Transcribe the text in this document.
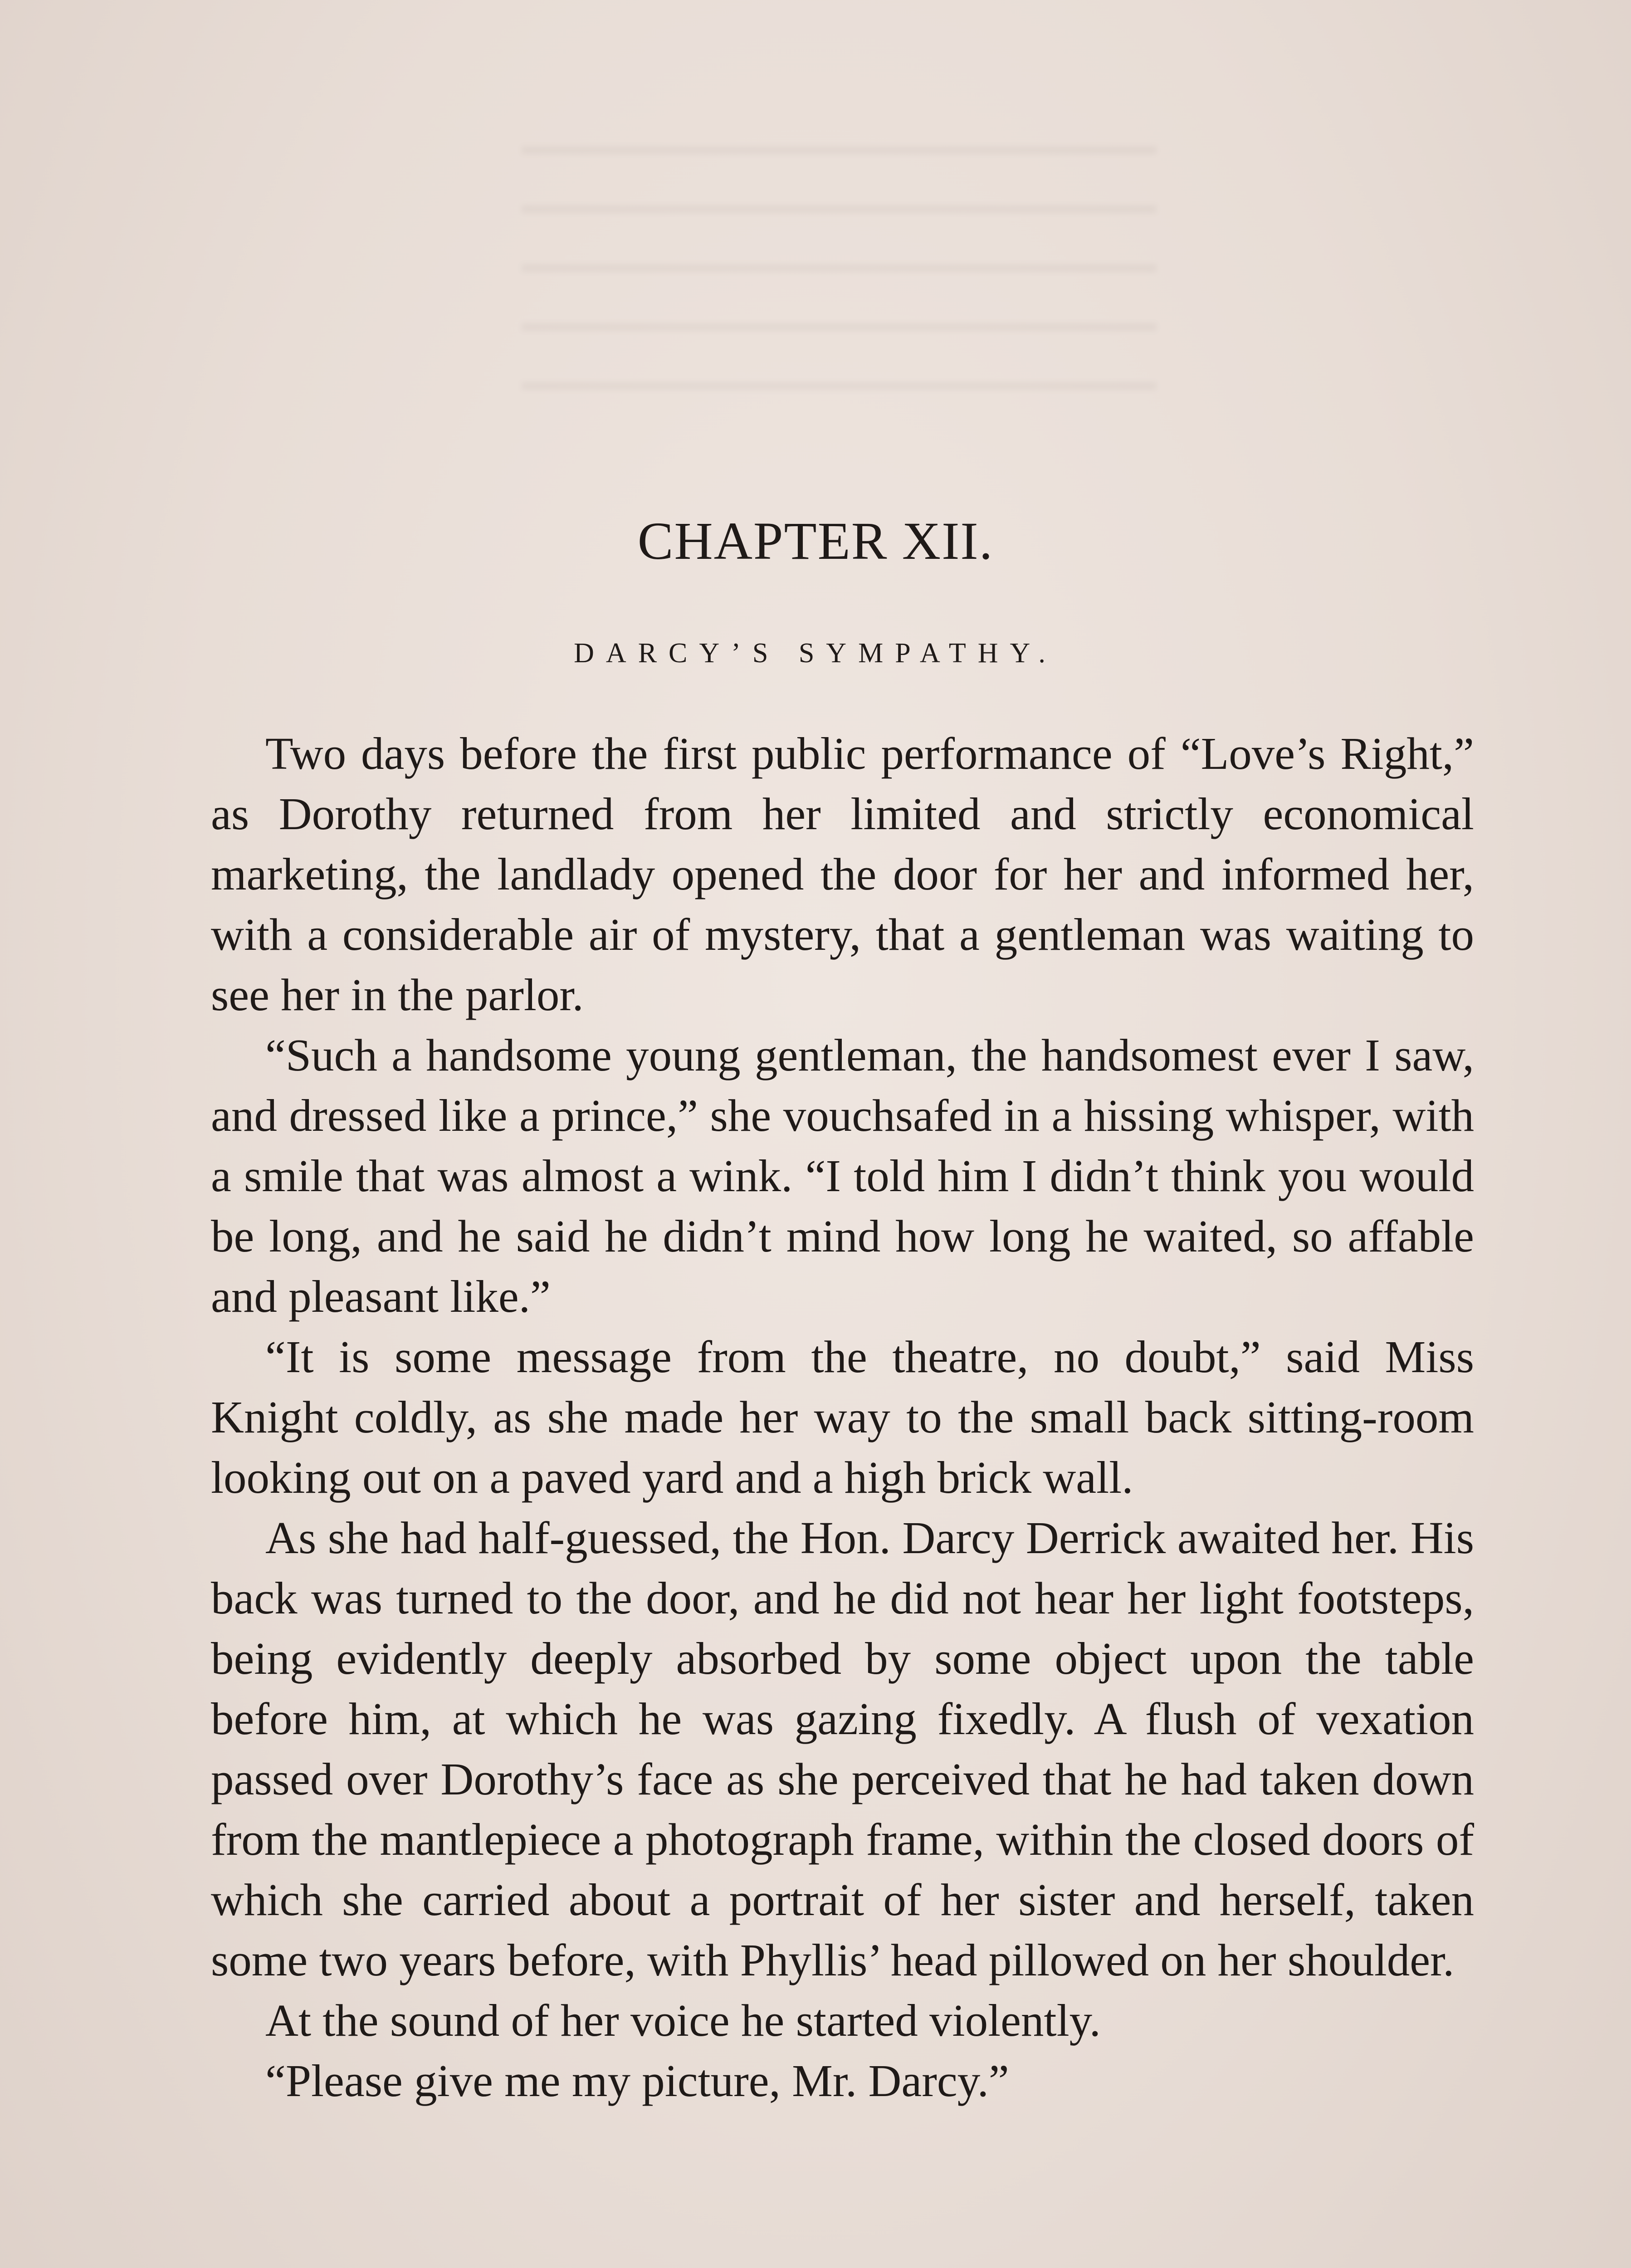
CHAPTER XII.
DARCY’S SYMPATHY.

Two days before the first public performance of “Love’s Right,” as Dorothy returned from her limited and strictly economical marketing, the landlady opened the door for her and informed her, with a considerable air of mystery, that a gentleman was waiting to see her in the parlor.

“Such a handsome young gentleman, the handsomest ever I saw, and dressed like a prince,” she vouchsafed in a hissing whisper, with a smile that was almost a wink. “I told him I didn’t think you would be long, and he said he didn’t mind how long he waited, so affable and pleasant like.”

“It is some message from the theatre, no doubt,” said Miss Knight coldly, as she made her way to the small back sitting-room looking out on a paved yard and a high brick wall.

As she had half-guessed, the Hon. Darcy Derrick awaited her. His back was turned to the door, and he did not hear her light footsteps, being evidently deeply absorbed by some object upon the table before him, at which he was gazing fixedly. A flush of vexation passed over Dorothy’s face as she perceived that he had taken down from the mantlepiece a photograph frame, within the closed doors of which she carried about a portrait of her sister and herself, taken some two years before, with Phyllis’ head pillowed on her shoulder.

At the sound of her voice he started violently.

“Please give me my picture, Mr. Darcy.”
